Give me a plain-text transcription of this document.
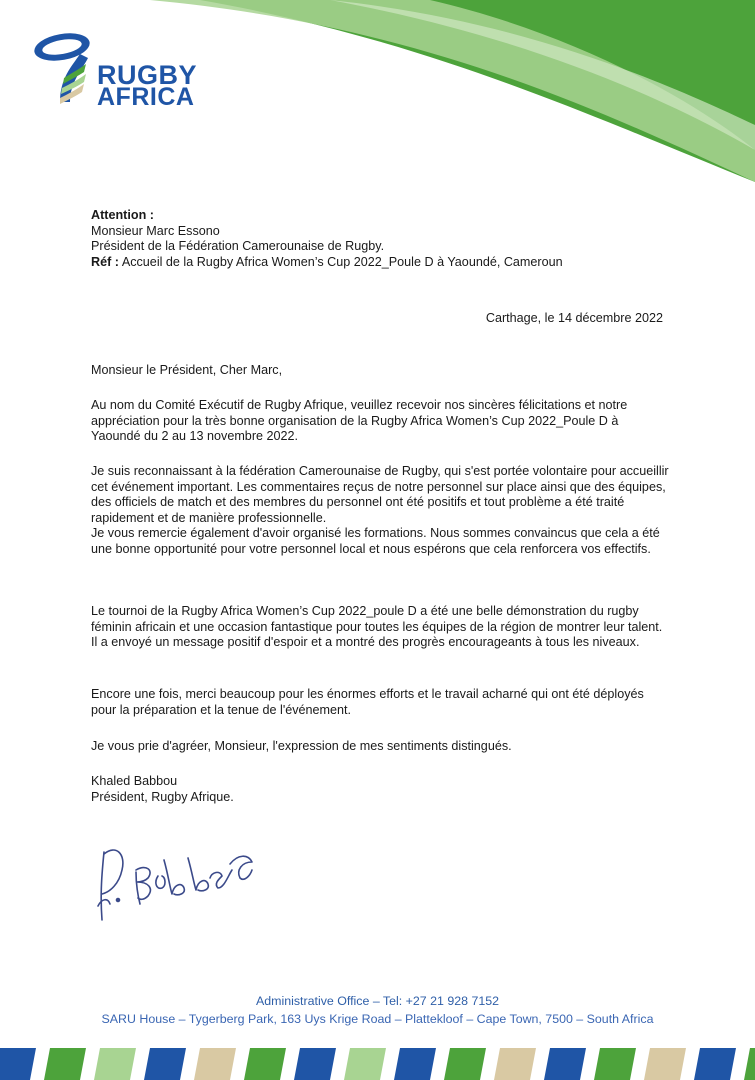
RUGBY
AFRICA
Attention :
Monsieur Marc Essono
Président de la Fédération Camerounaise de Rugby.
Réf : Accueil de la Rugby Africa Women’s Cup 2022_Poule D à Yaoundé, Cameroun
Carthage, le 14 décembre 2022

Monsieur le Président, Cher Marc,

Au nom du Comité Exécutif de Rugby Afrique, veuillez recevoir nos sincères félicitations et notre appréciation pour la très bonne organisation de la Rugby Africa Women’s Cup 2022_Poule D à Yaoundé du 2 au 13 novembre 2022.

Je suis reconnaissant à la fédération Camerounaise de Rugby, qui s'est portée volontaire pour accueillir cet événement important. Les commentaires reçus de notre personnel sur place ainsi que des équipes, des officiels de match et des membres du personnel ont été positifs et tout problème a été traité rapidement et de manière professionnelle.

Je vous remercie également d'avoir organisé les formations. Nous sommes convaincus que cela a été une bonne opportunité pour votre personnel local et nous espérons que cela renforcera vos effectifs.

Le tournoi de la Rugby Africa Women’s Cup 2022_poule D a été une belle démonstration du rugby féminin africain et une occasion fantastique pour toutes les équipes de la région de montrer leur talent. Il a envoyé un message positif d'espoir et a montré des progrès encourageants à tous les niveaux.

Encore une fois, merci beaucoup pour les énormes efforts et le travail acharné qui ont été déployés pour la préparation et la tenue de l'événement.

Je vous prie d'agréer, Monsieur, l'expression de mes sentiments distingués.

Khaled Babbou
Président, Rugby Afrique.
Administrative Office – Tel: +27 21 928 7152
SARU House – Tygerberg Park, 163 Uys Krige Road – Plattekloof – Cape Town, 7500 – South Africa
